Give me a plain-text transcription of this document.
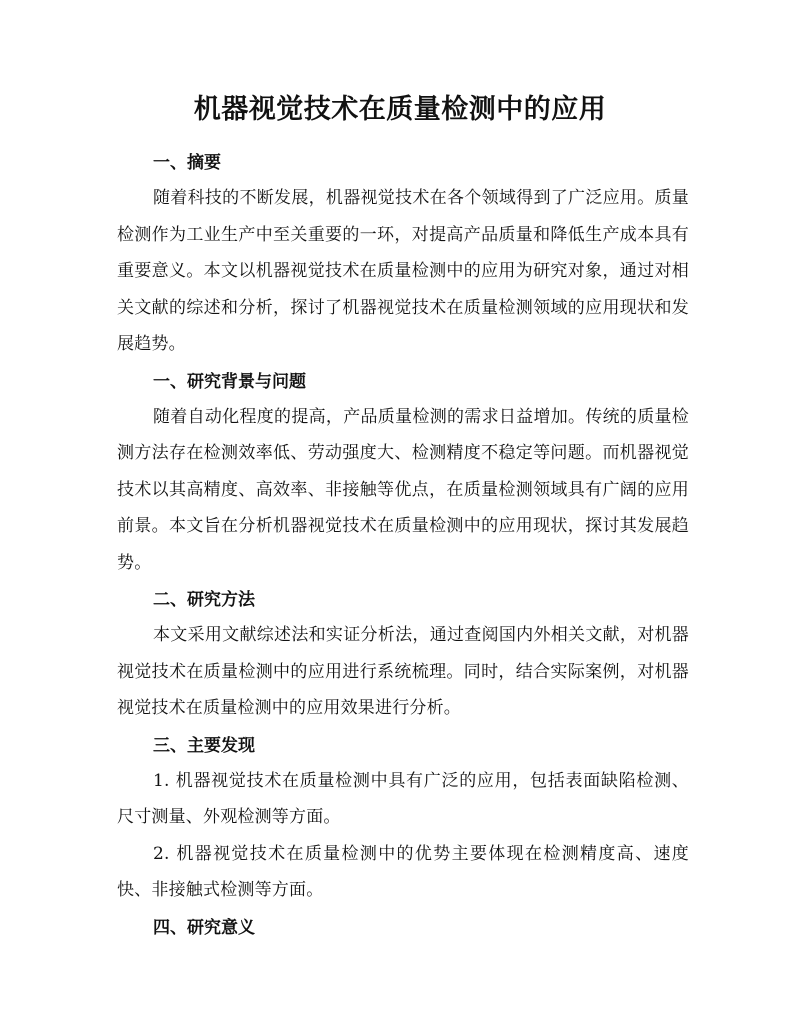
机器视觉技术在质量检测中的应用
一、摘要

随着科技的不断发展，机器视觉技术在各个领域得到了广泛应用。质量检测作为工业生产中至关重要的一环，对提高产品质量和降低生产成本具有重要意义。本文以机器视觉技术在质量检测中的应用为研究对象，通过对相关文献的综述和分析，探讨了机器视觉技术在质量检测领域的应用现状和发展趋势。

一、研究背景与问题

随着自动化程度的提高，产品质量检测的需求日益增加。传统的质量检测方法存在检测效率低、劳动强度大、检测精度不稳定等问题。而机器视觉技术以其高精度、高效率、非接触等优点，在质量检测领域具有广阔的应用前景。本文旨在分析机器视觉技术在质量检测中的应用现状，探讨其发展趋势。

二、研究方法

本文采用文献综述法和实证分析法，通过查阅国内外相关文献，对机器视觉技术在质量检测中的应用进行系统梳理。同时，结合实际案例，对机器视觉技术在质量检测中的应用效果进行分析。

三、主要发现

1. 机器视觉技术在质量检测中具有广泛的应用，包括表面缺陷检测、尺寸测量、外观检测等方面。

2. 机器视觉技术在质量检测中的优势主要体现在检测精度高、速度快、非接触式检测等方面。

四、研究意义
